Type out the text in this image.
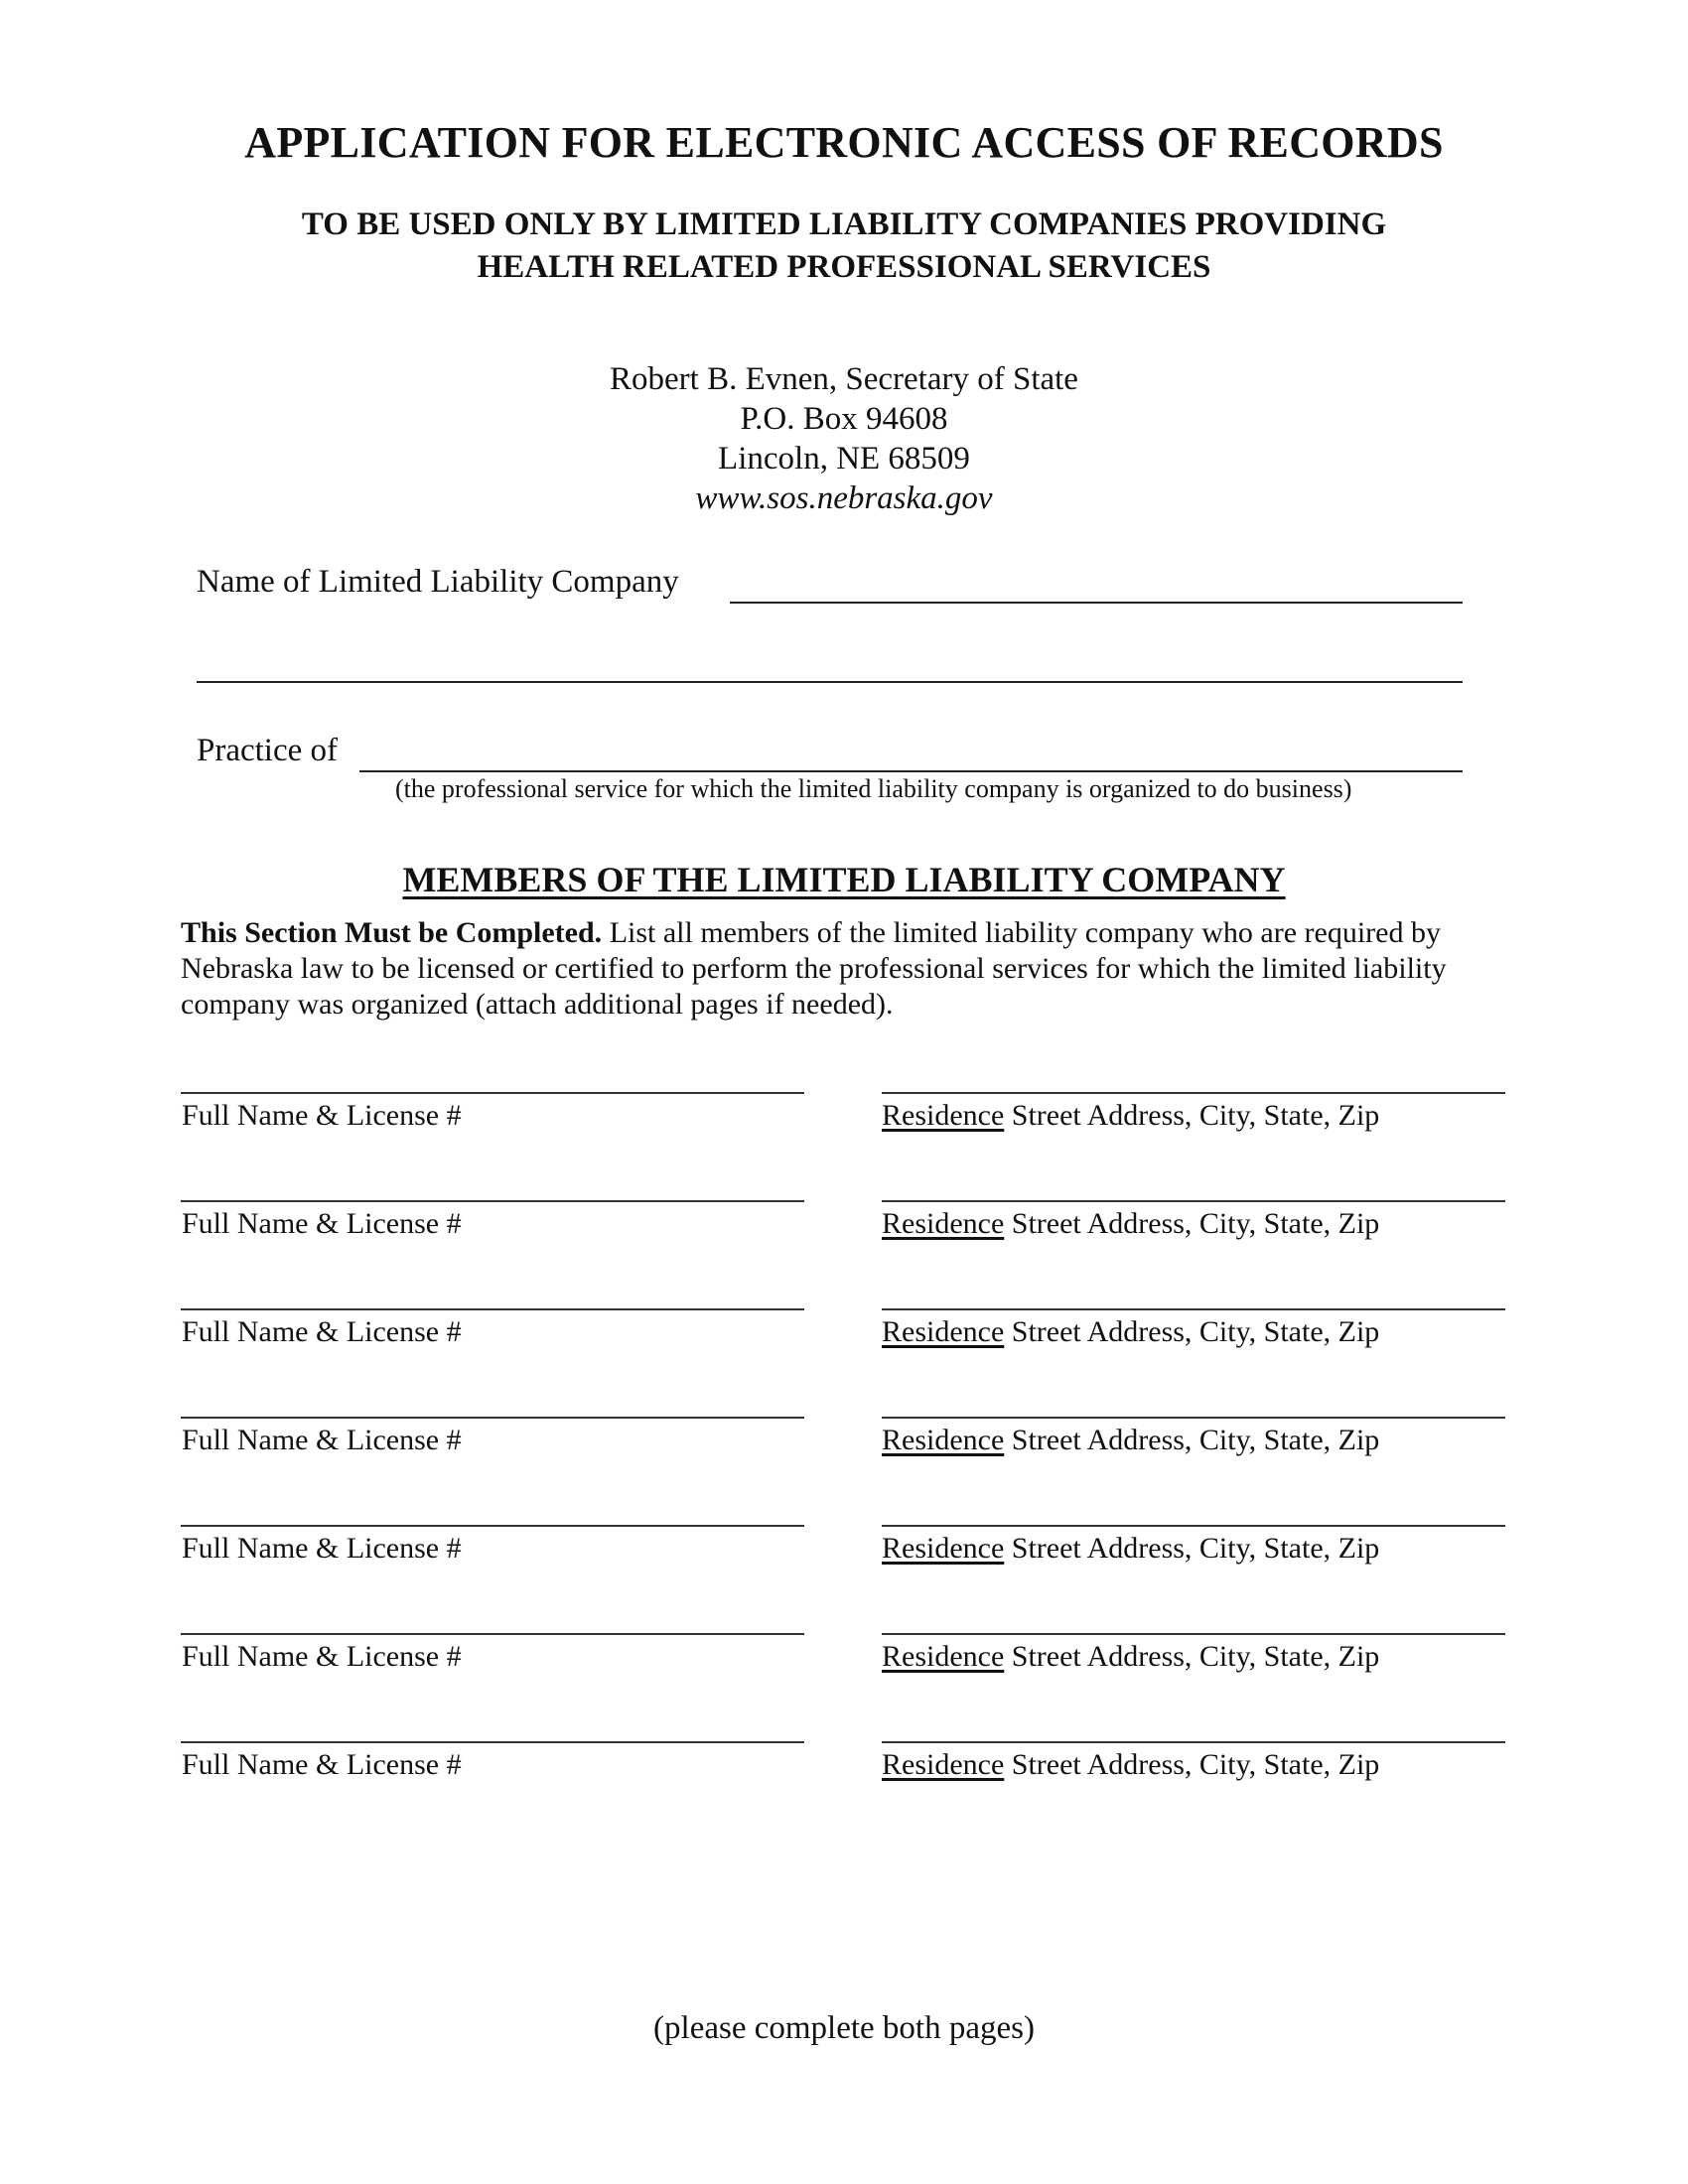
APPLICATION FOR ELECTRONIC ACCESS OF RECORDS
TO BE USED ONLY BY LIMITED LIABILITY COMPANIES PROVIDING
HEALTH RELATED PROFESSIONAL SERVICES
Robert B. Evnen, Secretary of State
P.O. Box 94608
Lincoln, NE 68509
www.sos.nebraska.gov
Name of Limited Liability Company
Practice of
(the professional service for which the limited liability company is organized to do business)
MEMBERS OF THE LIMITED LIABILITY COMPANY
This Section Must be Completed. List all members of the limited liability company who are required by Nebraska law to be licensed or certified to perform the professional services for which the limited liability company was organized (attach additional pages if needed).
Full Name & License #	Residence Street Address, City, State, Zip
Full Name & License #	Residence Street Address, City, State, Zip
Full Name & License #	Residence Street Address, City, State, Zip
Full Name & License #	Residence Street Address, City, State, Zip
Full Name & License #	Residence Street Address, City, State, Zip
Full Name & License #	Residence Street Address, City, State, Zip
Full Name & License #	Residence Street Address, City, State, Zip
(please complete both pages)
